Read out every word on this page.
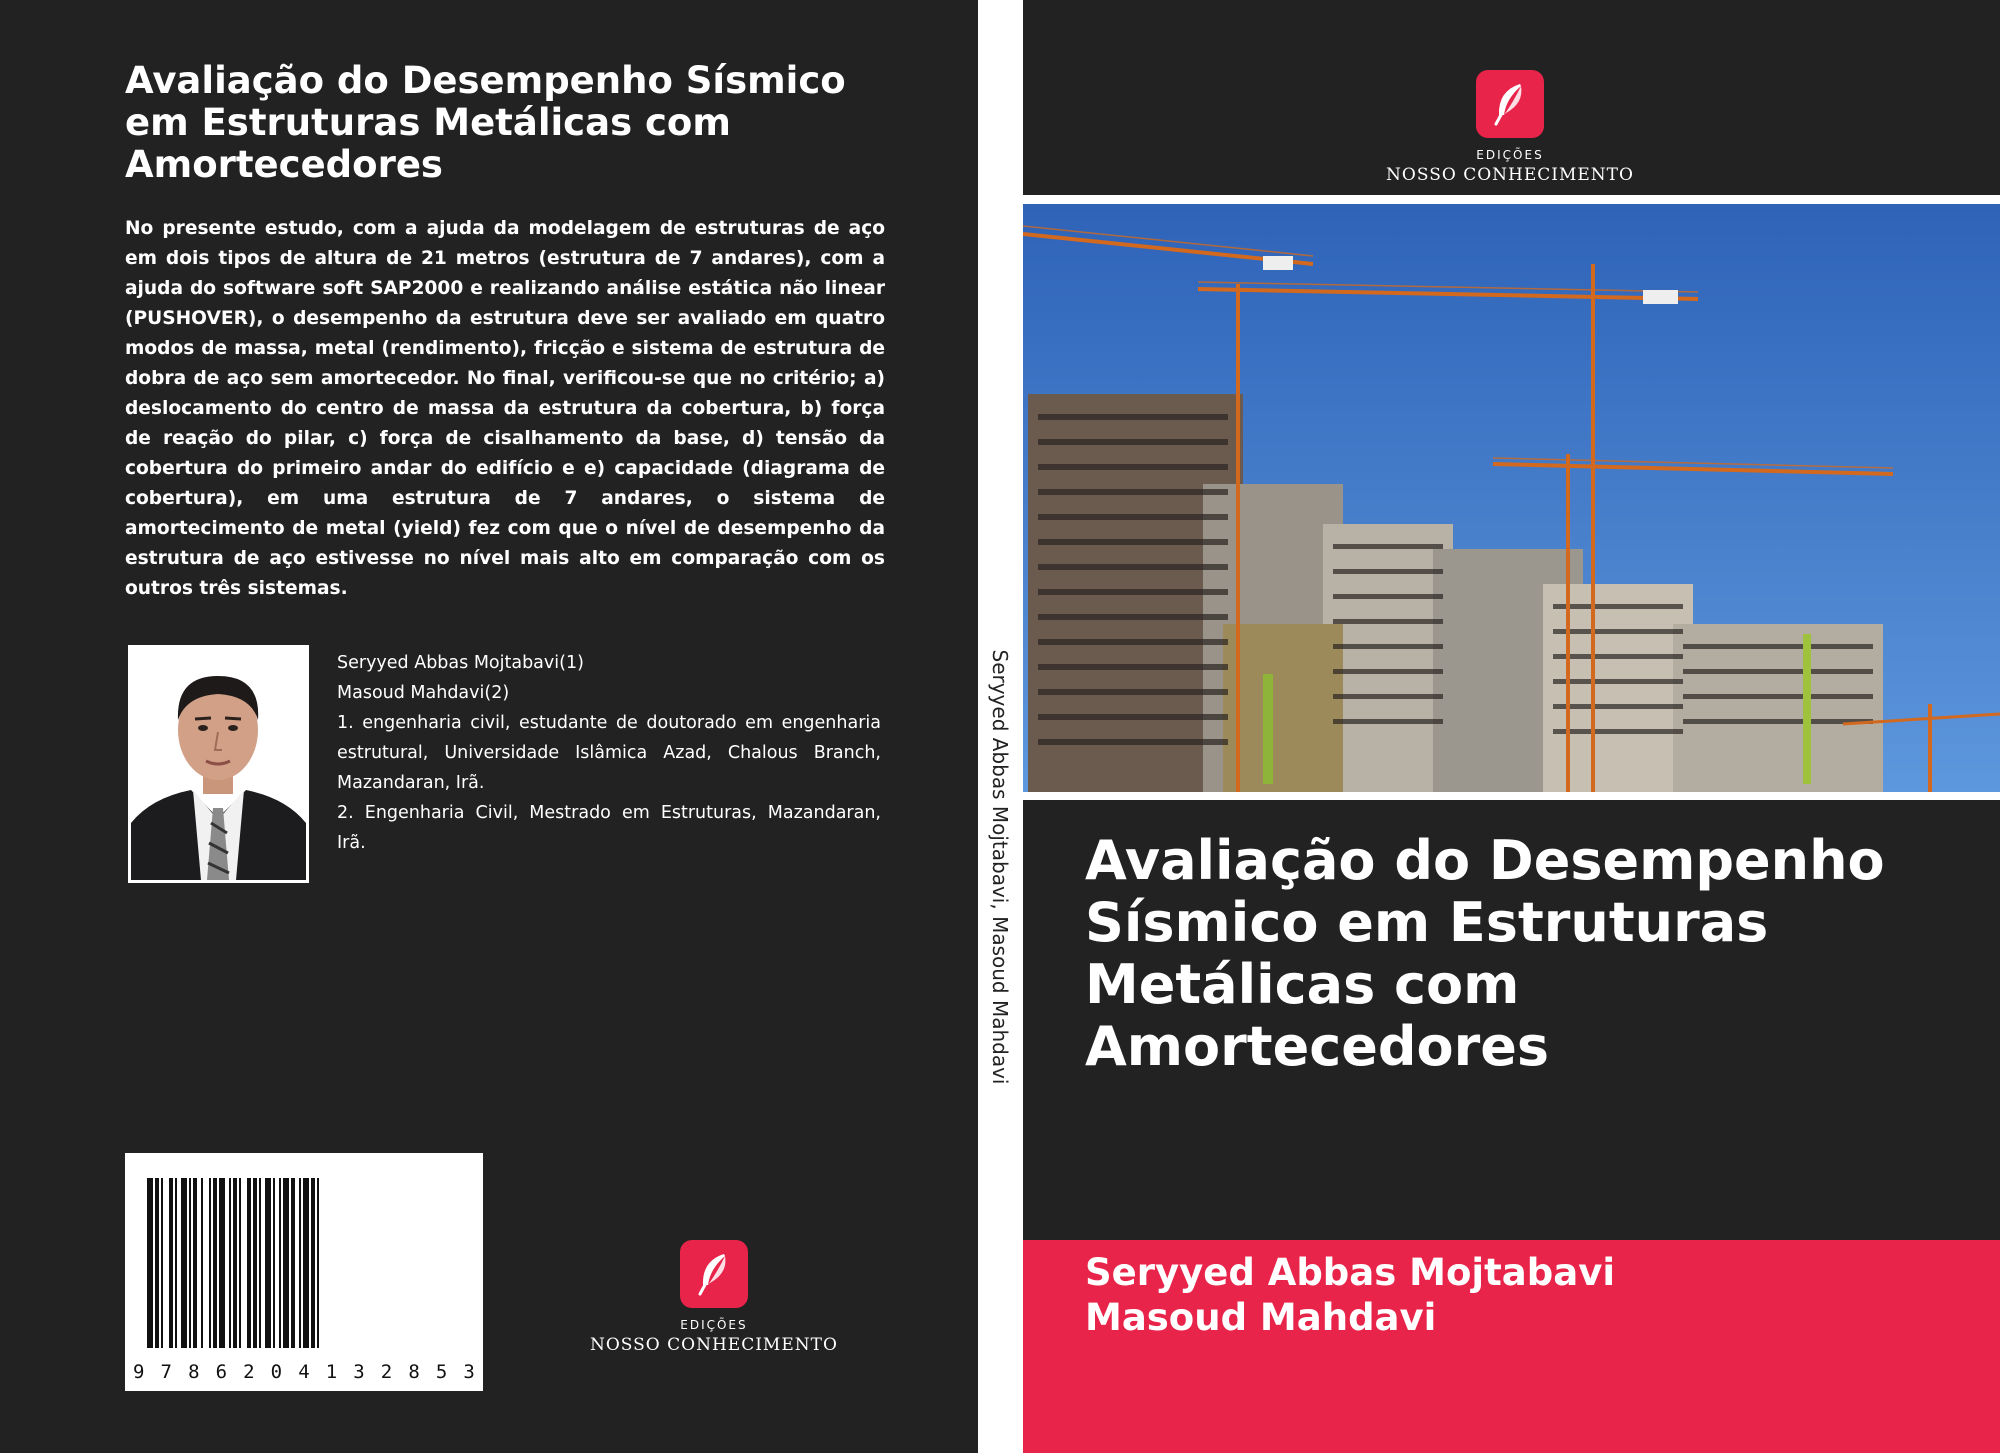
Avaliação do Desempenho Sísmico em Estruturas Metálicas com Amortecedores

No presente estudo, com a ajuda da modelagem de estruturas de aço em dois tipos de altura de 21 metros (estrutura de 7 andares), com a ajuda do software soft SAP2000 e realizando análise estática não linear (PUSHOVER), o desempenho da estrutura deve ser avaliado em quatro modos de massa, metal (rendimento), fricção e sistema de estrutura de dobra de aço sem amortecedor. No final, verificou-se que no critério; a) deslocamento do centro de massa da estrutura da cobertura, b) força de reação do pilar, c) força de cisalhamento da base, d) tensão da cobertura do primeiro andar do edifício e e) capacidade (diagrama de cobertura), em uma estrutura de 7 andares, o sistema de amortecimento de metal (yield) fez com que o nível de desempenho da estrutura de aço estivesse no nível mais alto em comparação com os outros três sistemas.

Seryyed Abbas Mojtabavi(1)

Masoud Mahdavi(2)

1. engenharia civil, estudante de doutorado em engenharia estrutural, Universidade Islâmica Azad, Chalous Branch, Mazandaran, Irã.

2. Engenharia Civil, Mestrado em Estruturas, Mazandaran, Irã.

9 7 8 6 2 0 4 1 3 2 8 5 3
EDIÇÕES
NOSSO CONHECIMENTO
Seryyed Abbas Mojtabavi, Masoud Mahdavi
EDIÇÕES
NOSSO CONHECIMENTO
Avaliação do Desempenho Sísmico em Estruturas Metálicas com Amortecedores
Seryyed Abbas Mojtabavi
Masoud Mahdavi
